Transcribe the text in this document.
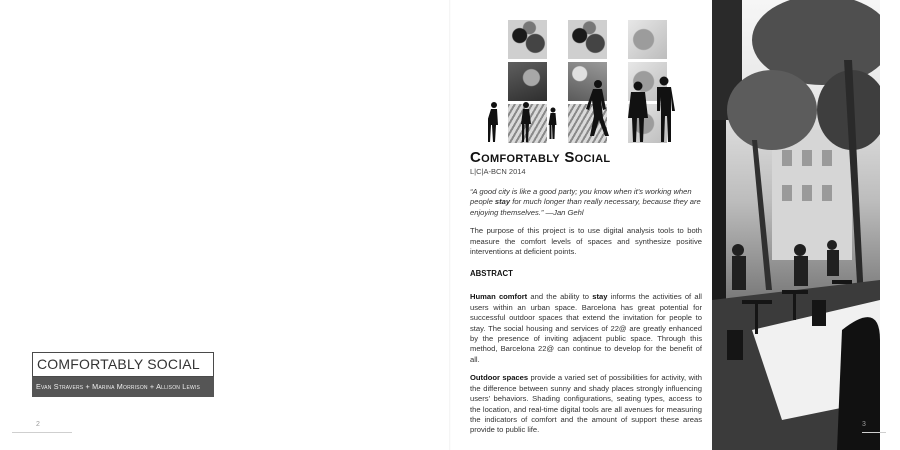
COMFORTABLY SOCIAL
Evan Stravers + Marina Morrison + Allison Lewis
2
Comfortably Social
L|C|A-BCN 2014
“A good city is like a good party; you know when it’s working when people stay for much longer than really necessary, because they are enjoying themselves.” —Jan Gehl
The purpose of this project is to use digital analysis tools to both measure the comfort levels of spaces and synthesize positive interventions at deficient points.
ABSTRACT
Human comfort and the ability to stay informs the activities of all users within an urban space. Barcelona has great potential for successful outdoor spaces that extend the invitation for people to stay. The social housing and services of 22@ are greatly enhanced by the presence of inviting adjacent public space. Through this method, Barcelona 22@ can continue to develop for the benefit of all.
Outdoor spaces provide a varied set of possibilities for activity, with the difference between sunny and shady places strongly influencing users’ behaviors. Shading configurations, seating types, access to the location, and real-time digital tools are all avenues for measuring the indicators of comfort and the amount of support these areas provide to public life.
3
